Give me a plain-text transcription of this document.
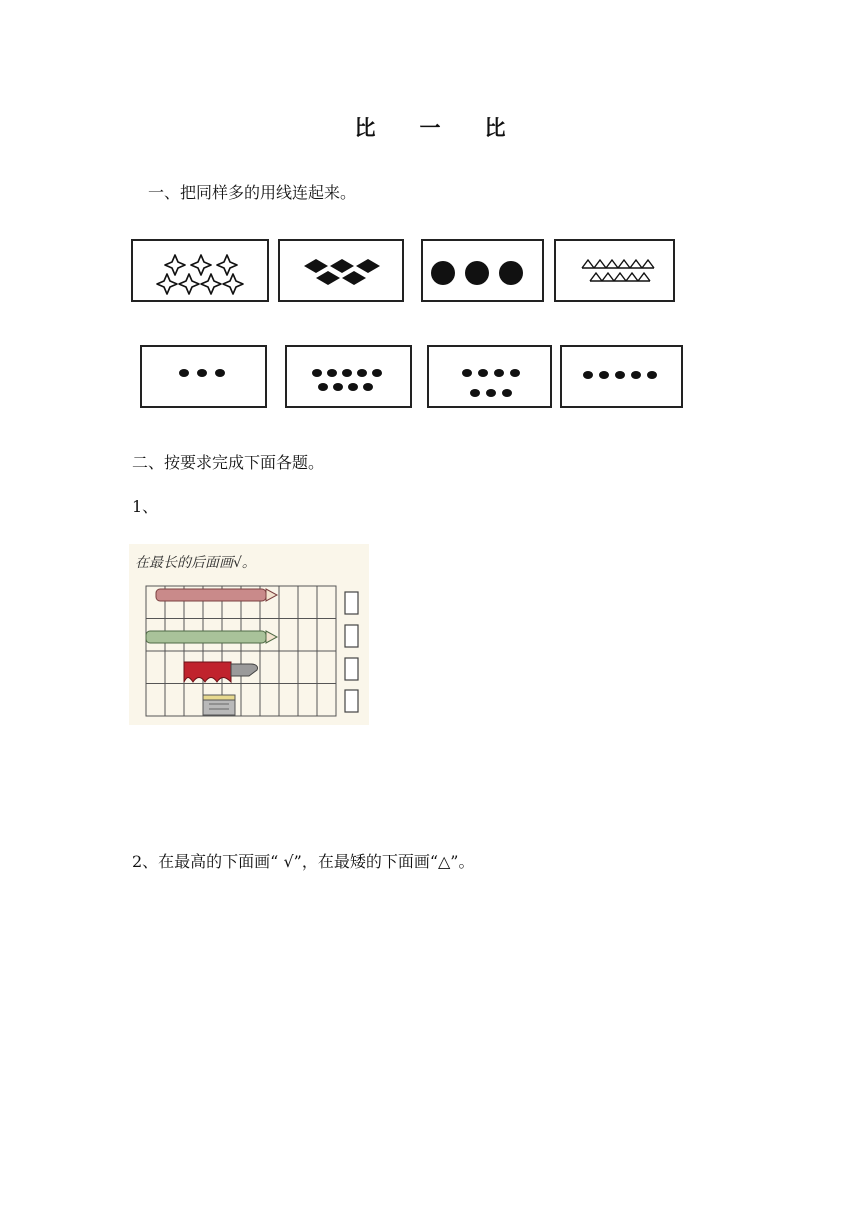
比 一 比
一、把同样多的用线连起来。
二、按要求完成下面各题。
1、
在最长的后面画√。
2、在最高的下面画“ √”，在最矮的下面画“△”。
